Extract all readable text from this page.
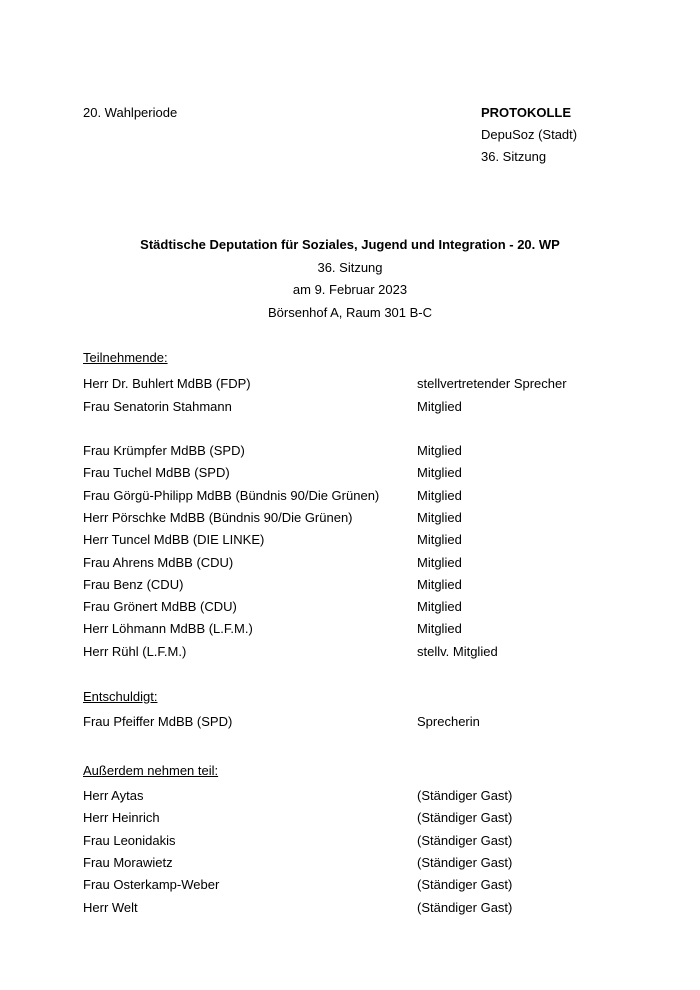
20. Wahlperiode	PROTOKOLLE
DepuSoz (Stadt)
36. Sitzung
Städtische Deputation für Soziales, Jugend und Integration - 20. WP
36. Sitzung
am 9. Februar 2023
Börsenhof A, Raum 301 B-C
Teilnehmende:
Herr Dr. Buhlert MdBB (FDP)	stellvertretender Sprecher
Frau Senatorin Stahmann	Mitglied
Frau Krümpfer MdBB (SPD)	Mitglied
Frau Tuchel MdBB (SPD)	Mitglied
Frau Görgü-Philipp MdBB (Bündnis 90/Die Grünen)	Mitglied
Herr Pörschke MdBB (Bündnis 90/Die Grünen)	Mitglied
Herr Tuncel MdBB (DIE LINKE)	Mitglied
Frau Ahrens MdBB (CDU)	Mitglied
Frau Benz (CDU)	Mitglied
Frau Grönert MdBB (CDU)	Mitglied
Herr Löhmann MdBB (L.F.M.)	Mitglied
Herr Rühl (L.F.M.)	stellv. Mitglied
Entschuldigt:
Frau Pfeiffer MdBB (SPD)	Sprecherin
Außerdem nehmen teil:
Herr Aytas	(Ständiger Gast)
Herr Heinrich	(Ständiger Gast)
Frau Leonidakis	(Ständiger Gast)
Frau Morawietz	(Ständiger Gast)
Frau Osterkamp-Weber	(Ständiger Gast)
Herr Welt	(Ständiger Gast)
